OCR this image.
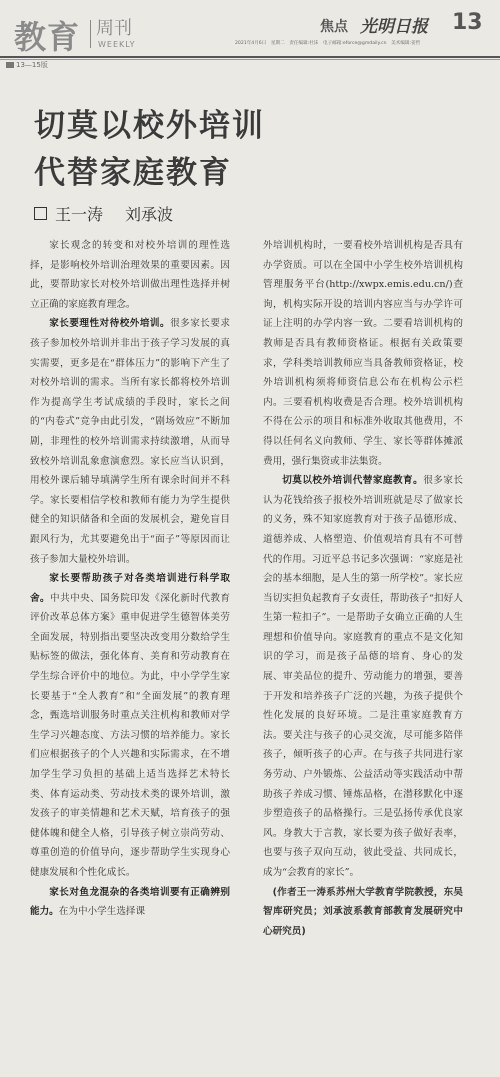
教育 周刊
WEEKLY
焦点 光明日报 13
2021年4月6日　星期二　责任编辑:杜沫　电子邮箱:eforce@gmdaily.cn　美术编辑:姜哲
13—15版
切莫以校外培训
代替家庭教育
王一涛 刘承波

家长观念的转变和对校外培训的理性选择，是影响校外培训治理效果的重要因素。因此，要帮助家长对校外培训做出理性选择并树立正确的家庭教育理念。

家长要理性对待校外培训。很多家长要求孩子参加校外培训并非出于孩子学习发展的真实需要，更多是在“群体压力”的影响下产生了对校外培训的需求。当所有家长都将校外培训作为提高学生考试成绩的手段时，家长之间的“内卷式”竞争由此引发，“剧场效应”不断加剧，非理性的校外培训需求持续激增，从而导致校外培训乱象愈演愈烈。家长应当认识到，用校外课后辅导填满学生所有课余时间并不科学。家长要相信学校和教师有能力为学生提供健全的知识储备和全面的发展机会，避免盲目跟风行为，尤其要避免出于“面子”等原因而让孩子参加大量校外培训。

家长要帮助孩子对各类培训进行科学取舍。中共中央、国务院印发《深化新时代教育评价改革总体方案》重申促进学生德智体美劳全面发展，特别指出要坚决改变用分数给学生贴标签的做法，强化体育、美育和劳动教育在学生综合评价中的地位。为此，中小学学生家长要基于“全人教育”和“全面发展”的教育理念，甄选培训服务时重点关注机构和教师对学生学习兴趣态度、方法习惯的培养能力。家长们应根据孩子的个人兴趣和实际需求，在不增加学生学习负担的基础上适当选择艺术特长类、体育运动类、劳动技术类的课外培训，激发孩子的审美情趣和艺术天赋，培育孩子的强健体魄和健全人格，引导孩子树立崇尚劳动、尊重创造的价值导向，逐步帮助学生实现身心健康发展和个性化成长。

家长对鱼龙混杂的各类培训要有正确辨别能力。在为中小学生选择课

外培训机构时，一要看校外培训机构是否具有办学资质。可以在全国中小学生校外培训机构管理服务平台(http://xwpx.emis.edu.cn/)查询，机构实际开设的培训内容应当与办学许可证上注明的办学内容一致。二要看培训机构的教师是否具有教师资格证。根据有关政策要求，学科类培训教师应当具备教师资格证，校外培训机构须将师资信息公布在机构公示栏内。三要看机构收费是否合理。校外培训机构不得在公示的项目和标准外收取其他费用，不得以任何名义向教师、学生、家长等群体摊派费用，强行集资或非法集资。

切莫以校外培训代替家庭教育。很多家长认为花钱给孩子报校外培训班就是尽了做家长的义务，殊不知家庭教育对于孩子品德形成、道德养成、人格塑造、价值观培育具有不可替代的作用。习近平总书记多次强调：“家庭是社会的基本细胞，是人生的第一所学校”。家长应当切实担负起教育子女责任，帮助孩子“扣好人生第一粒扣子”。一是帮助子女确立正确的人生理想和价值导向。家庭教育的重点不是文化知识的学习，而是孩子品德的培育、身心的发展、审美品位的提升、劳动能力的增强，要善于开发和培养孩子广泛的兴趣，为孩子提供个性化发展的良好环境。二是注重家庭教育方法。要关注与孩子的心灵交流，尽可能多陪伴孩子，倾听孩子的心声。在与孩子共同进行家务劳动、户外锻炼、公益活动等实践活动中帮助孩子养成习惯、锤炼品格，在潜移默化中逐步塑造孩子的品格操行。三是弘扬传承优良家风。身教大于言教，家长要为孩子做好表率，也要与孩子双向互动，彼此受益、共同成长，成为“会教育的家长”。

(作者王一涛系苏州大学教育学院教授，东吴智库研究员；刘承波系教育部教育发展研究中心研究员)
